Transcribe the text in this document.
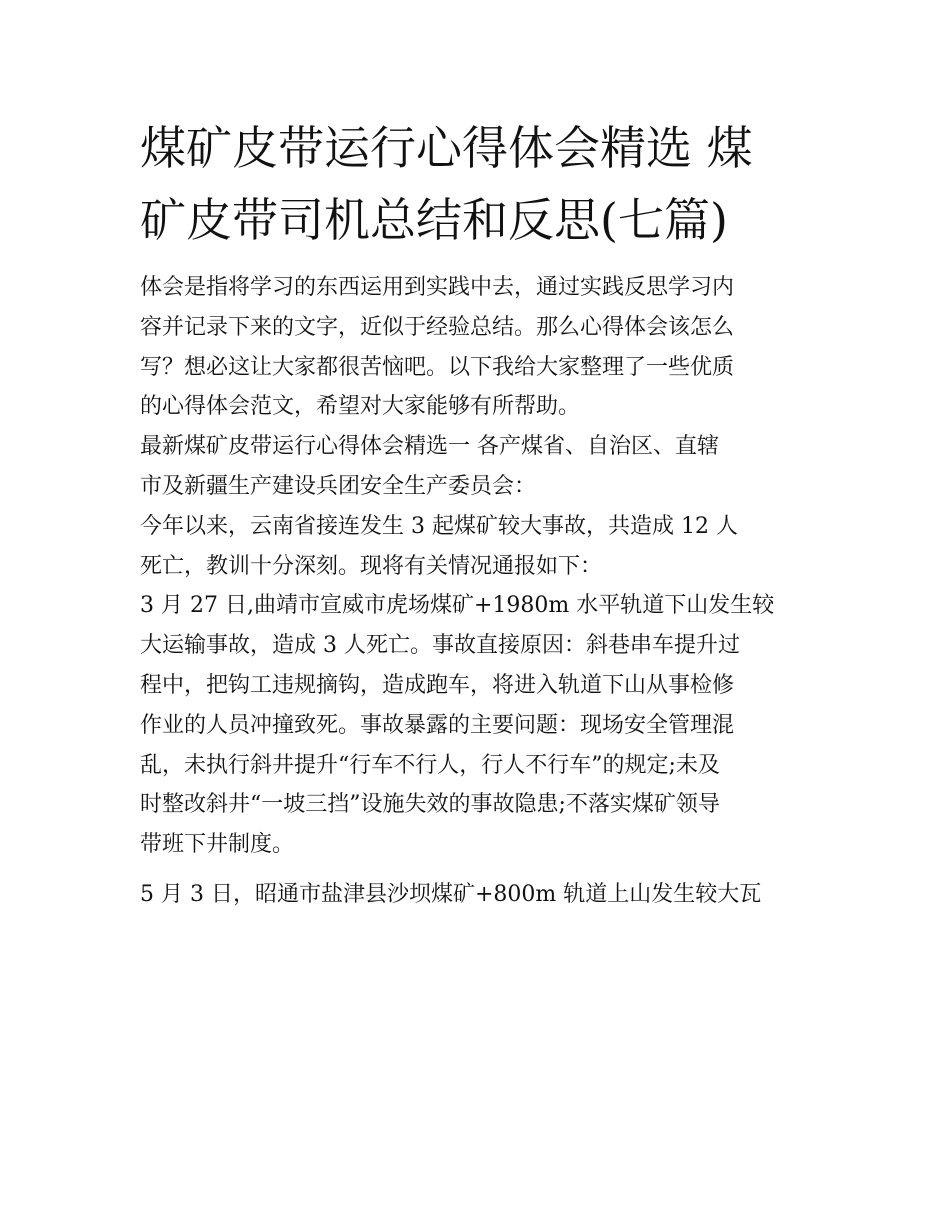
煤矿皮带运行心得体会精选 煤
矿皮带司机总结和反思(七篇)

体会是指将学习的东西运用到实践中去，通过实践反思学习内
容并记录下来的文字，近似于经验总结。那么心得体会该怎么
写？想必这让大家都很苦恼吧。以下我给大家整理了一些优质
的心得体会范文，希望对大家能够有所帮助。

最新煤矿皮带运行心得体会精选一 各产煤省、自治区、直辖
市及新疆生产建设兵团安全生产委员会：

今年以来，云南省接连发生 3 起煤矿较大事故，共造成 12 人
死亡，教训十分深刻。现将有关情况通报如下：

3 月 27 日,曲靖市宣威市虎场煤矿+1980m 水平轨道下山发生较
大运输事故，造成 3 人死亡。事故直接原因：斜巷串车提升过
程中，把钩工违规摘钩，造成跑车，将进入轨道下山从事检修
作业的人员冲撞致死。事故暴露的主要问题：现场安全管理混
乱，未执行斜井提升“行车不行人，行人不行车”的规定;未及
时整改斜井“一坡三挡”设施失效的事故隐患;不落实煤矿领导
带班下井制度。

5 月 3 日，昭通市盐津县沙坝煤矿+800m 轨道上山发生较大瓦
